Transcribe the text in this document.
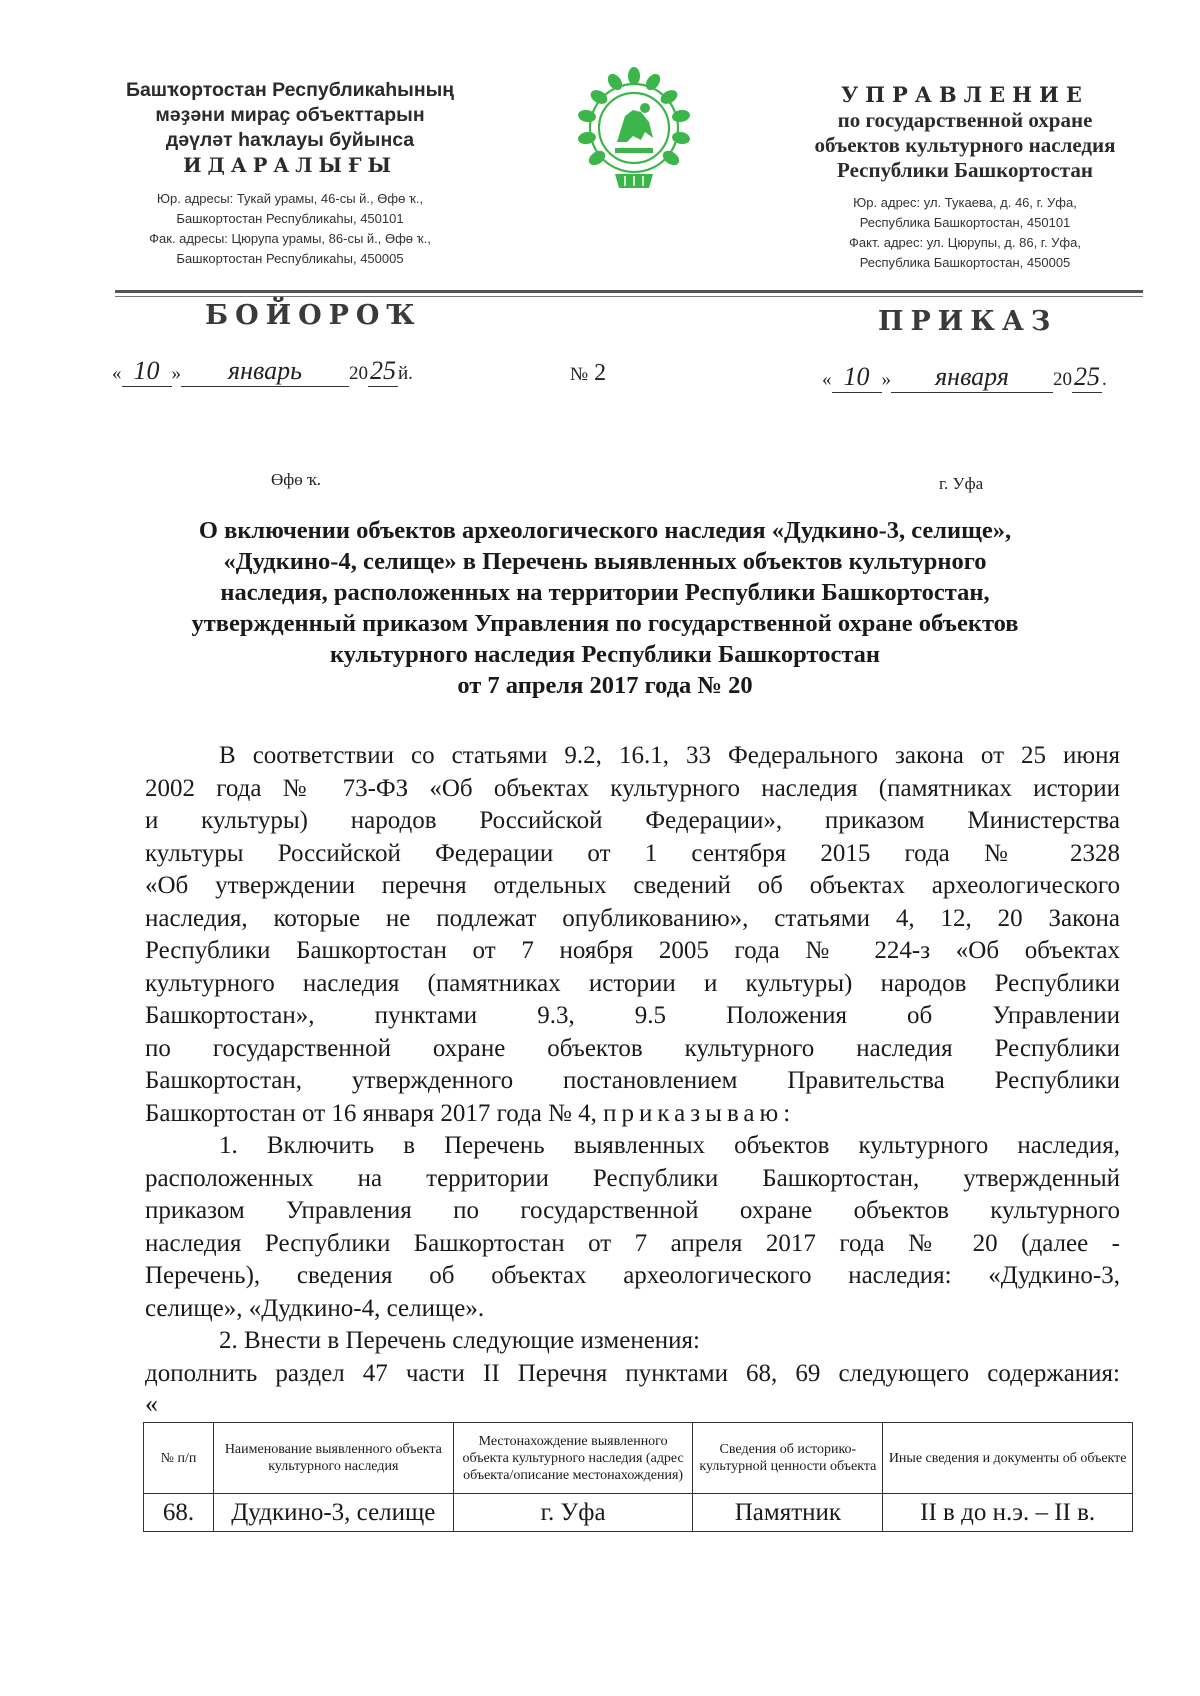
Башҡортостан Республикаһының
мәҙәни мираҫ объекттарын
дәүләт һаҡлауы буйынса
ИДАРАЛЫҒЫ
Юр. адресы: Тукай урамы, 46-сы й., Өфө ҡ.,
Башкортостан Республикаһы, 450101
Фак. адресы: Цюрупа урамы, 86-сы й., Өфө ҡ.,
Башкортостан Республикаһы, 450005
УПРАВЛЕНИЕ
по государственной охране
объектов культурного наследия
Республики Башкортостан
Юр. адрес: ул. Тукаева, д. 46, г. Уфа,
Республика Башкортостан, 450101
Факт. адрес: ул. Цюрупы, д. 86, г. Уфа,
Республика Башкортостан, 450005
БОЙОРОҠ	ПРИКАЗ
« 10 » январь 2025 й.	№ 2	« 10 » января 2025 .
Өфө ҡ.	г. Уфа
О включении объектов археологического наследия «Дудкино-3, селище»,
«Дудкино-4, селище» в Перечень выявленных объектов культурного
наследия, расположенных на территории Республики Башкортостан,
утвержденный приказом Управления по государственной охране объектов
культурного наследия Республики Башкортостан
от 7 апреля 2017 года № 20
В соответствии со статьями 9.2, 16.1, 33 Федерального закона от 25 июня
2002 года № 73-ФЗ «Об объектах культурного наследия (памятниках истории
и культуры) народов Российской Федерации», приказом Министерства
культуры Российской Федерации от 1 сентября 2015 года № 2328
«Об утверждении перечня отдельных сведений об объектах археологического
наследия, которые не подлежат опубликованию», статьями 4, 12, 20 Закона
Республики Башкортостан от 7 ноября 2005 года № 224-з «Об объектах
культурного наследия (памятниках истории и культуры) народов Республики
Башкортостан», пунктами 9.3, 9.5 Положения об Управлении
по государственной охране объектов культурного наследия Республики
Башкортостан, утвержденного постановлением Правительства Республики
Башкортостан от 16 января 2017 года № 4, приказываю:
1. Включить в Перечень выявленных объектов культурного наследия,
расположенных на территории Республики Башкортостан, утвержденный
приказом Управления по государственной охране объектов культурного
наследия Республики Башкортостан от 7 апреля 2017 года № 20 (далее -
Перечень), сведения об объектах археологического наследия: «Дудкино-3,
селище», «Дудкино-4, селище».
2. Внести в Перечень следующие изменения:
дополнить раздел 47 части II Перечня пунктами 68, 69 следующего содержания:
«
№ п/п	Наименование выявленного объекта культурного наследия	Местонахождение выявленного объекта культурного наследия (адрес объекта/описание местонахождения)	Сведения об историко-культурной ценности объекта	Иные сведения и документы об объекте
68.	Дудкино-3, селище	г. Уфа	Памятник	II в до н.э. – II в.
